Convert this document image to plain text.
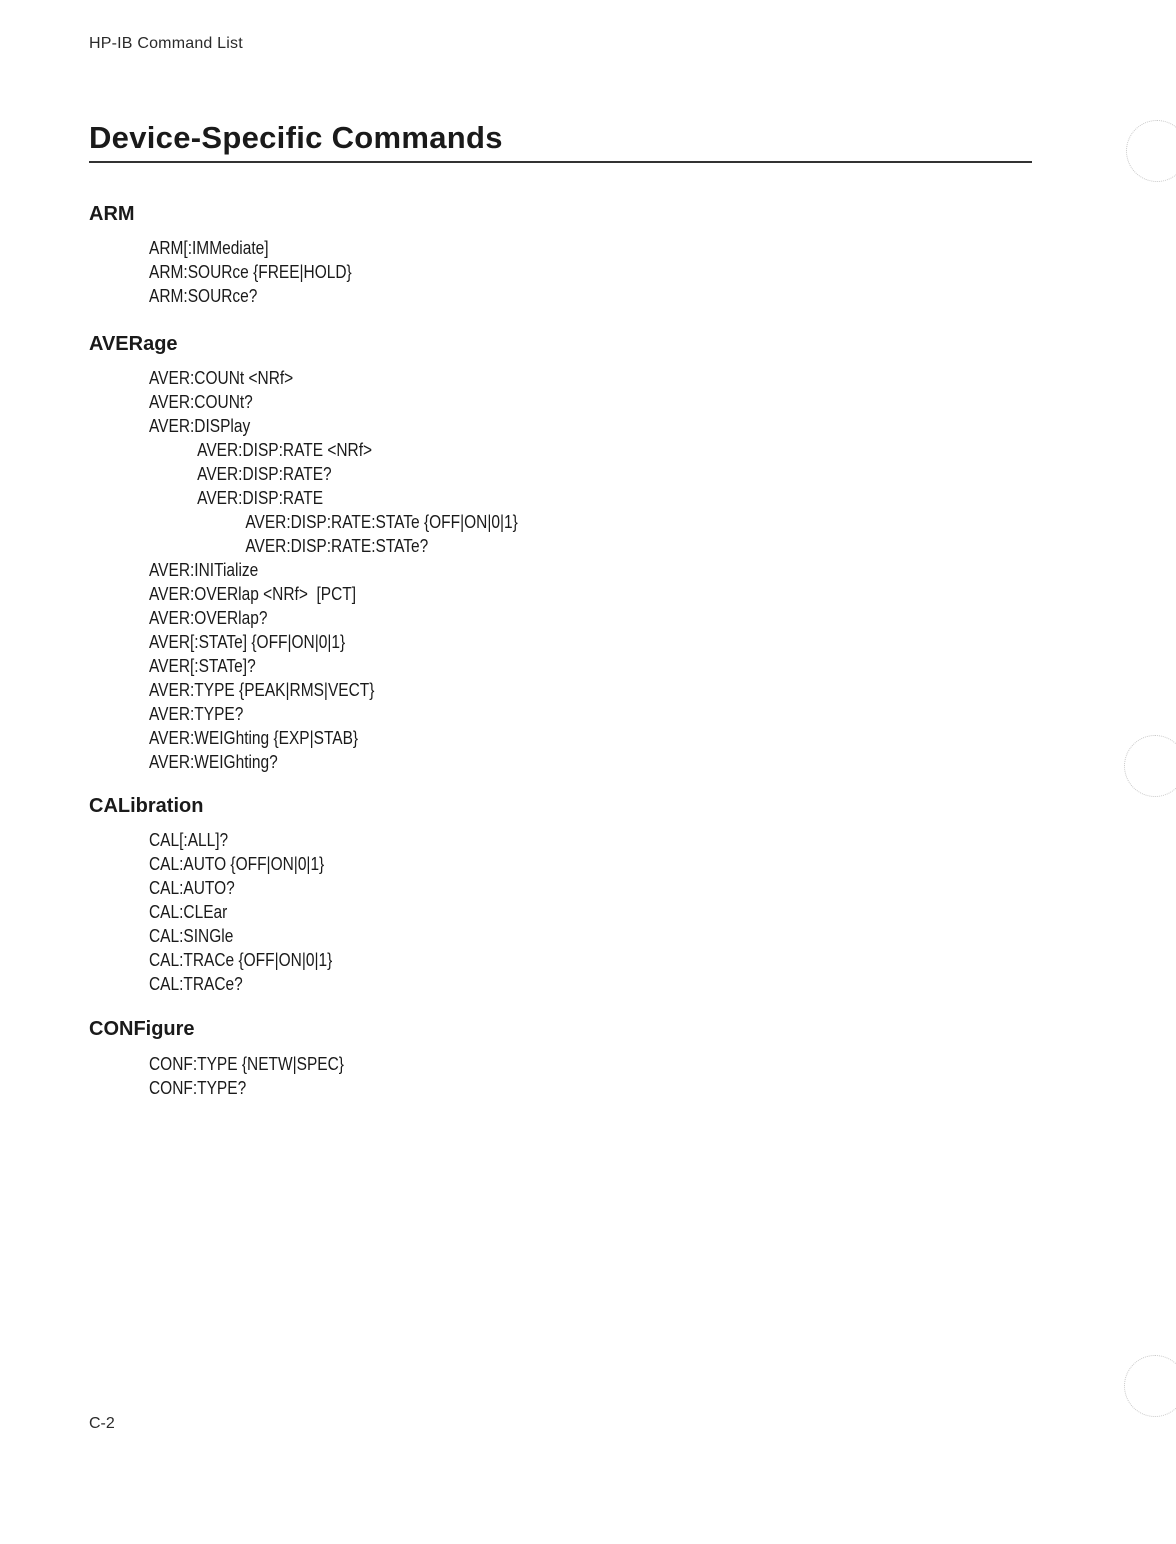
HP-IB Command List
Device-Specific Commands
ARM
ARM[:IMMediate]
ARM:SOURce {FREE|HOLD}
ARM:SOURce?
AVERage
AVER:COUNt <NRf>
AVER:COUNt?
AVER:DISPlay
AVER:DISP:RATE <NRf>
AVER:DISP:RATE?
AVER:DISP:RATE
AVER:DISP:RATE:STATe {OFF|ON|0|1}
AVER:DISP:RATE:STATe?
AVER:INITialize
AVER:OVERlap <NRf>  [PCT]
AVER:OVERlap?
AVER[:STATe] {OFF|ON|0|1}
AVER[:STATe]?
AVER:TYPE {PEAK|RMS|VECT}
AVER:TYPE?
AVER:WEIGhting {EXP|STAB}
AVER:WEIGhting?
CALibration
CAL[:ALL]?
CAL:AUTO {OFF|ON|0|1}
CAL:AUTO?
CAL:CLEar
CAL:SINGle
CAL:TRACe {OFF|ON|0|1}
CAL:TRACe?
CONFigure
CONF:TYPE {NETW|SPEC}
CONF:TYPE?
C-2
